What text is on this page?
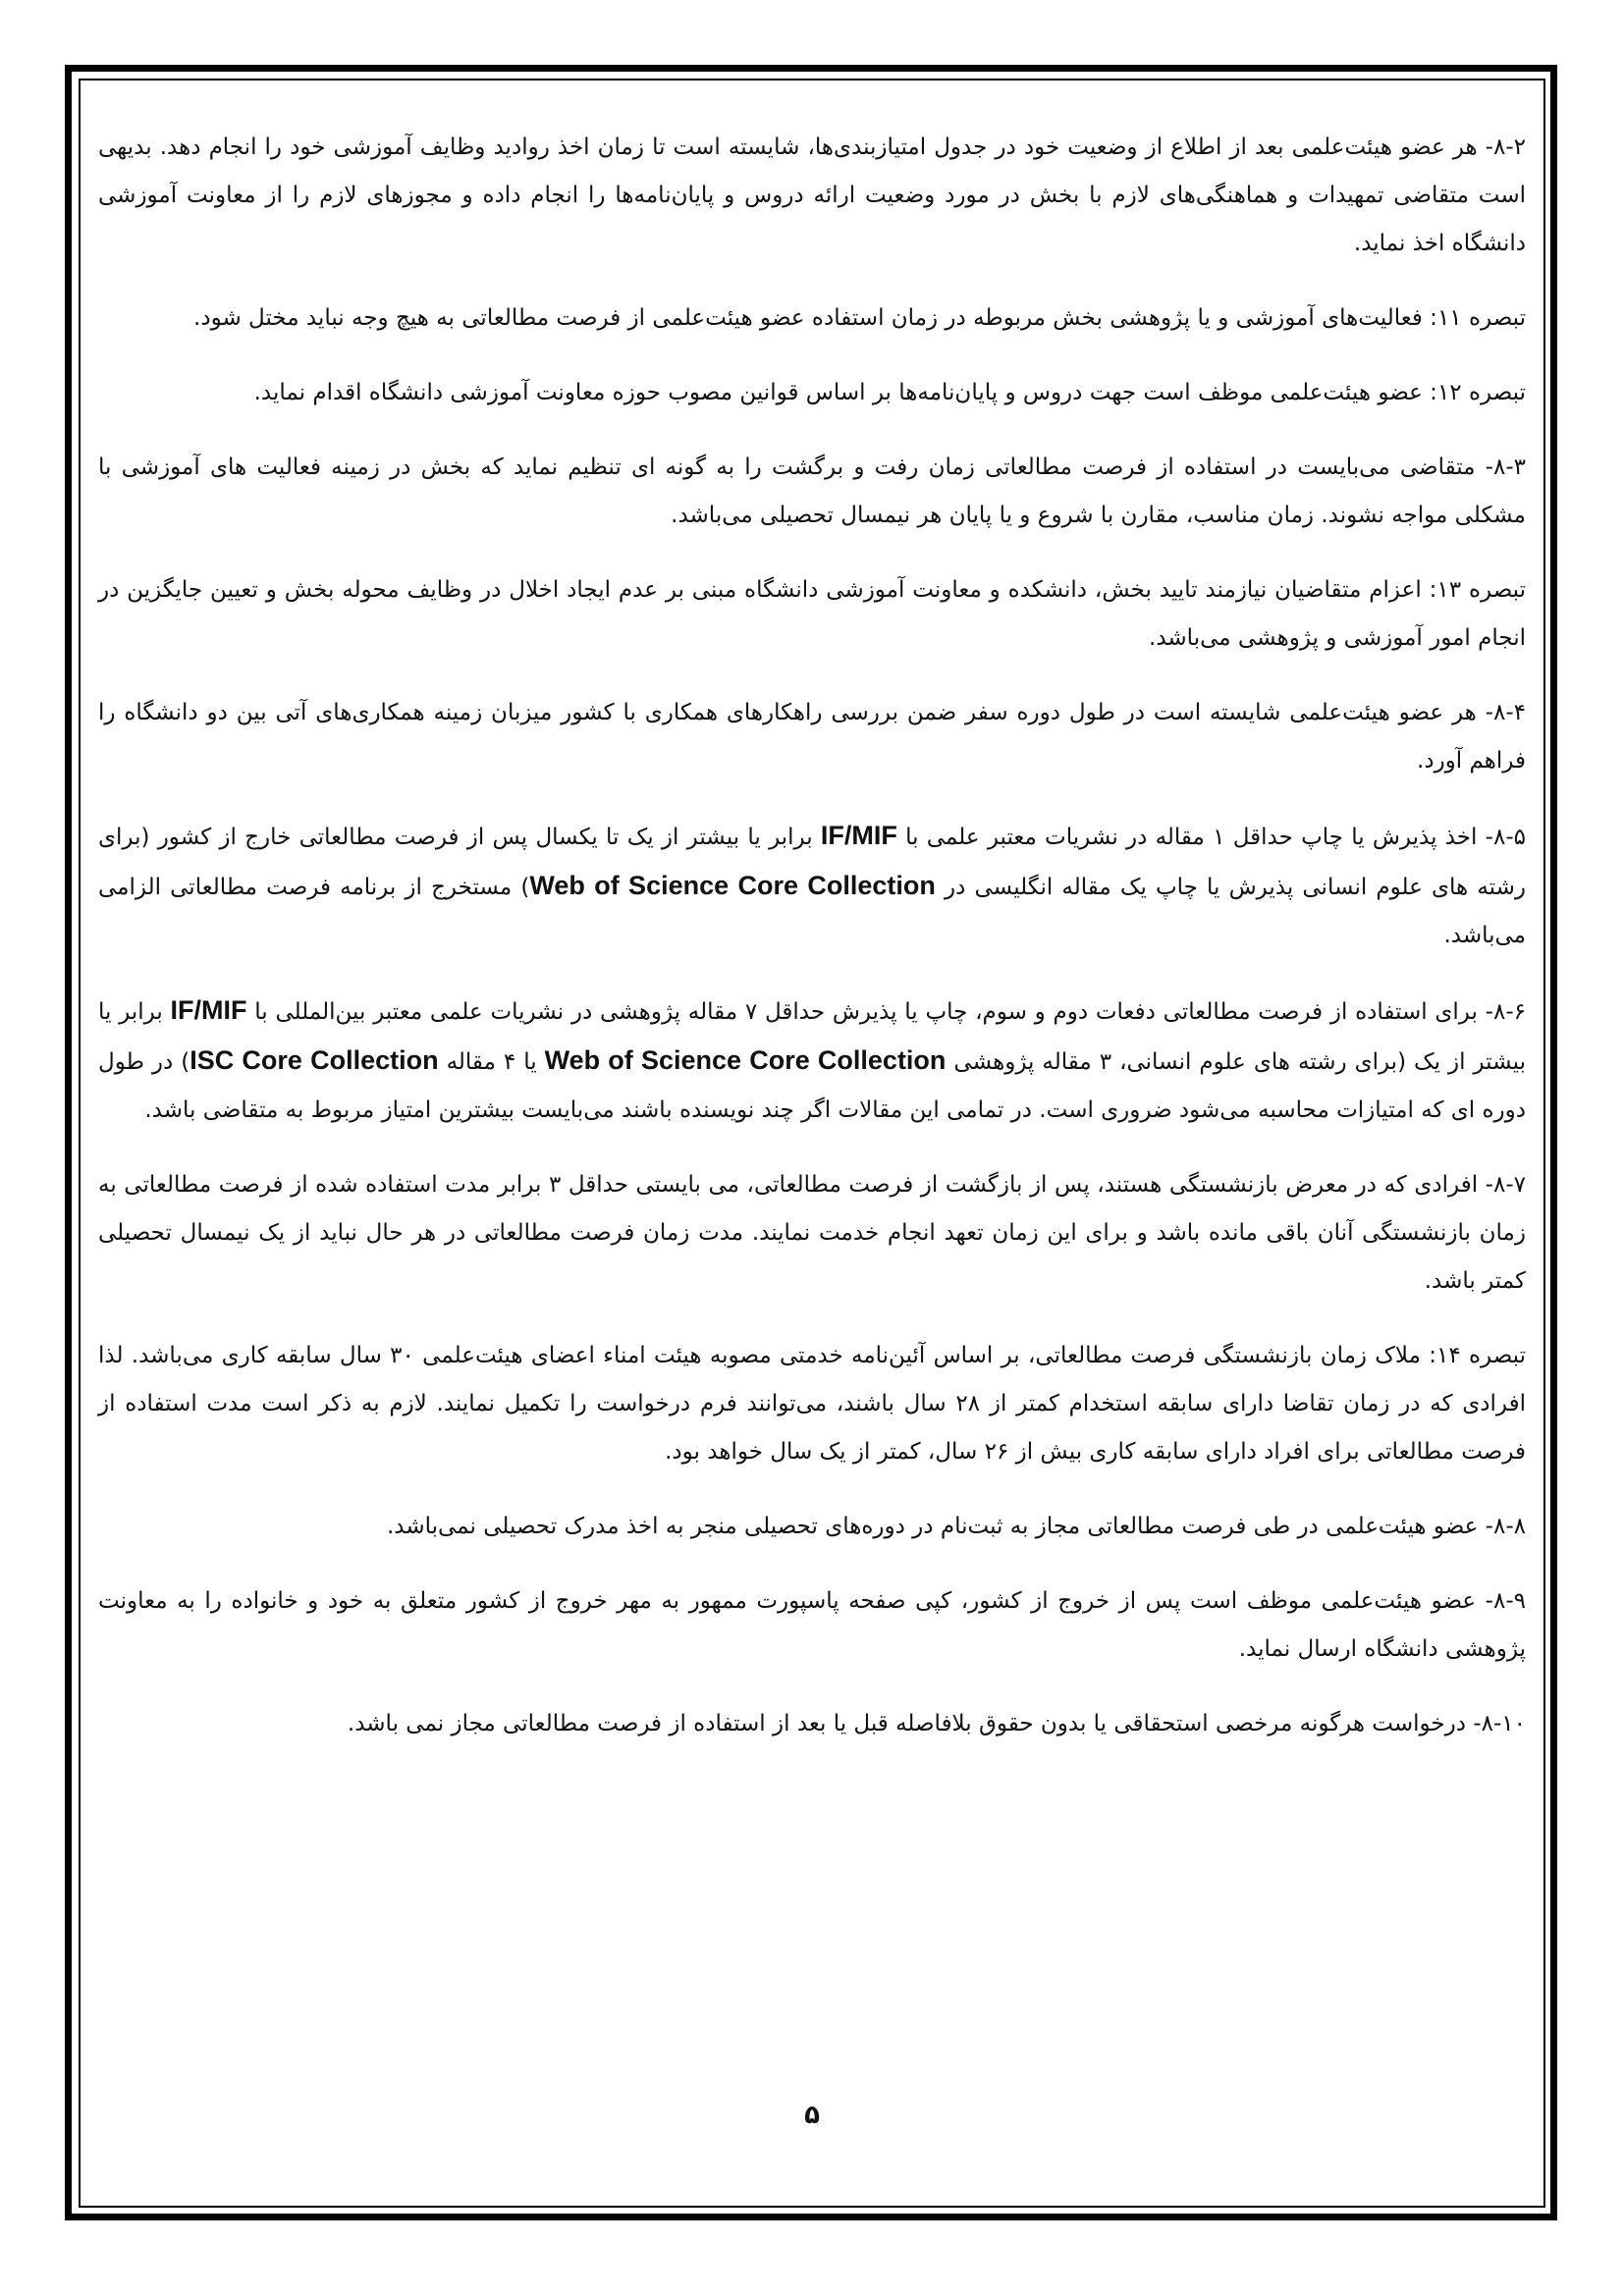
۸-۲- هر عضو هیئت‌علمی بعد از اطلاع از وضعیت خود در جدول امتیازبندی‌ها، شایسته است تا زمان اخذ روادید وظایف آموزشی خود را انجام دهد. بدیهی است متقاضی تمهیدات و هماهنگی‌های لازم با بخش در مورد وضعیت ارائه دروس و پایان‌نامه‌ها را انجام داده و مجوزهای لازم را از معاونت آموزشی دانشگاه اخذ نماید.

تبصره ۱۱: فعالیت‌های آموزشی و یا پژوهشی بخش مربوطه در زمان استفاده عضو هیئت‌علمی از فرصت مطالعاتی به هیچ وجه نباید مختل شود.

تبصره ۱۲: عضو هیئت‌علمی موظف است جهت دروس و پایان‌نامه‌ها بر اساس قوانین مصوب حوزه معاونت آموزشی دانشگاه اقدام نماید.

۸-۳- متقاضی می‌بایست در استفاده از فرصت مطالعاتی زمان رفت و برگشت را به گونه ای تنظیم نماید که بخش در زمینه فعالیت های آموزشی با مشکلی مواجه نشوند. زمان مناسب، مقارن با شروع و یا پایان هر نیمسال تحصیلی می‌باشد.

تبصره ۱۳: اعزام متقاضیان نیازمند تایید بخش، دانشکده و معاونت آموزشی دانشگاه مبنی بر عدم ایجاد اخلال در وظایف محوله بخش و تعیین جایگزین در انجام امور آموزشی و پژوهشی می‌باشد.

۸-۴- هر عضو هیئت‌علمی شایسته است در طول دوره سفر ضمن بررسی راهکارهای همکاری با کشور میزبان زمینه همکاری‌های آتی بین دو دانشگاه را فراهم آورد.

۸-۵- اخذ پذیرش یا چاپ حداقل ۱ مقاله در نشریات معتبر علمی با IF/MIF برابر یا بیشتر از یک تا یکسال پس از فرصت مطالعاتی خارج از کشور (برای رشته های علوم انسانی پذیرش یا چاپ یک مقاله انگلیسی در Web of Science Core Collection) مستخرج از برنامه فرصت مطالعاتی الزامی می‌باشد.

۸-۶- برای استفاده از فرصت مطالعاتی دفعات دوم و سوم، چاپ یا پذیرش حداقل ۷ مقاله پژوهشی در نشریات علمی معتبر بین‌المللی با IF/MIF برابر یا بیشتر از یک (برای رشته های علوم انسانی، ۳ مقاله پژوهشی Web of Science Core Collection یا ۴ مقاله ISC Core Collection) در طول دوره ای که امتیازات محاسبه می‌شود ضروری است. در تمامی این مقالات اگر چند نویسنده باشند می‌بایست بیشترین امتیاز مربوط به متقاضی باشد.

۸-۷- افرادی که در معرض بازنشستگی هستند، پس از بازگشت از فرصت مطالعاتی، می بایستی حداقل ۳ برابر مدت استفاده شده از فرصت مطالعاتی به زمان بازنشستگی آنان باقی مانده باشد و برای این زمان تعهد انجام خدمت نمایند. مدت زمان فرصت مطالعاتی در هر حال نباید از یک نیمسال تحصیلی کمتر باشد.

تبصره ۱۴: ملاک زمان بازنشستگی فرصت مطالعاتی، بر اساس آئین‌نامه خدمتی مصوبه هیئت امناء اعضای هیئت‌علمی ۳۰ سال سابقه کاری می‌باشد. لذا افرادی که در زمان تقاضا دارای سابقه استخدام کمتر از ۲۸ سال باشند، می‌توانند فرم درخواست را تکمیل نمایند. لازم به ذکر است مدت استفاده از فرصت مطالعاتی برای افراد دارای سابقه کاری بیش از ۲۶ سال، کمتر از یک سال خواهد بود.

۸-۸- عضو هیئت‌علمی در طی فرصت مطالعاتی مجاز به ثبت‌نام در دوره‌های تحصیلی منجر به اخذ مدرک تحصیلی نمی‌باشد.

۸-۹- عضو هیئت‌علمی موظف است پس از خروج از کشور، کپی صفحه پاسپورت ممهور به مهر خروج از کشور متعلق به خود و خانواده را به معاونت پژوهشی دانشگاه ارسال نماید.

۸-۱۰- درخواست هرگونه مرخصی استحقاقی یا بدون حقوق بلافاصله قبل یا بعد از استفاده از فرصت مطالعاتی مجاز نمی باشد.

۵
